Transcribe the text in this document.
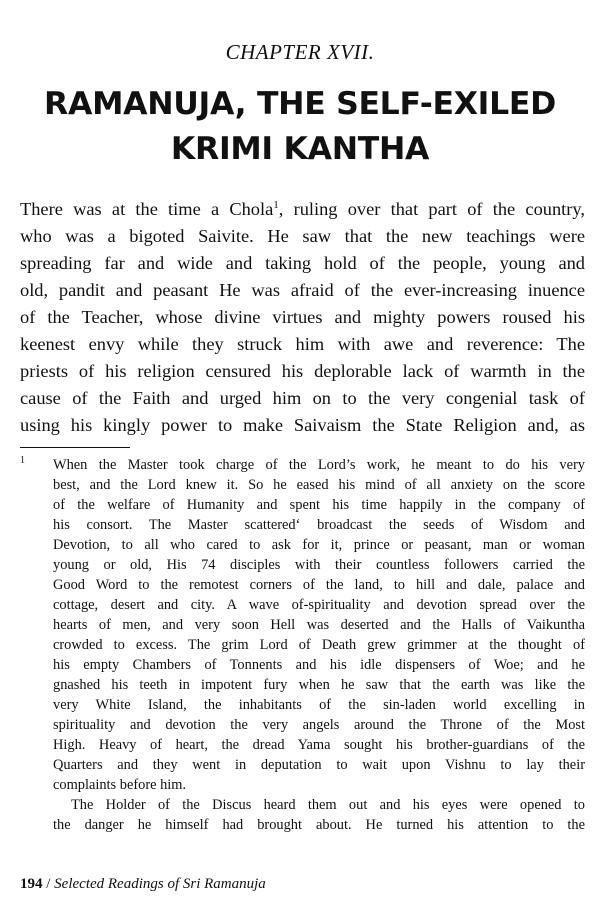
CHAPTER XVII.
RAMANUJA, THE SELF-EXILED
KRIMI KANTHA
There was at the time a Chola$^1$, ruling over that part of the country,
who was a bigoted Saivite. He saw that the new teachings were
spreading far and wide and taking hold of the people, young and
old, pandit and peasant He was afraid of the ever-increasing inuence
of the Teacher, whose divine virtues and mighty powers roused his
keenest envy while they struck him with awe and reverence: The
priests of his religion censured his deplorable lack of warmth in the
cause of the Faith and urged him on to the very congenial task of
using his kingly power to make Saivaism the State Religion and, as
1 When the Master took charge of the Lord’s work, he meant to do his very
best, and the Lord knew it. So he eased his mind of all anxiety on the score
of the welfare of Humanity and spent his time happily in the company of
his consort. The Master scattered‘ broadcast the seeds of Wisdom and
Devotion, to all who cared to ask for it, prince or peasant, man or woman
young or old, His 74 disciples with their countless followers carried the
Good Word to the remotest corners of the land, to hill and dale, palace and
cottage, desert and city. A wave of-spirituality and devotion spread over the
hearts of men, and very soon Hell was deserted and the Halls of Vaikuntha
crowded to excess. The grim Lord of Death grew grimmer at the thought of
his empty Chambers of Tonnents and his idle dispensers of Woe; and he
gnashed his teeth in impotent fury when he saw that the earth was like the
very White Island, the inhabitants of the sin-laden world excelling in
spirituality and devotion the very angels around the Throne of the Most
High. Heavy of heart, the dread Yama sought his brother-guardians of the
Quarters and they went in deputation to wait upon Vishnu to lay their
complaints before him.
The Holder of the Discus heard them out and his eyes were opened to
the danger he himself had brought about. He turned his attention to the
194 / Selected Readings of Sri Ramanuja
